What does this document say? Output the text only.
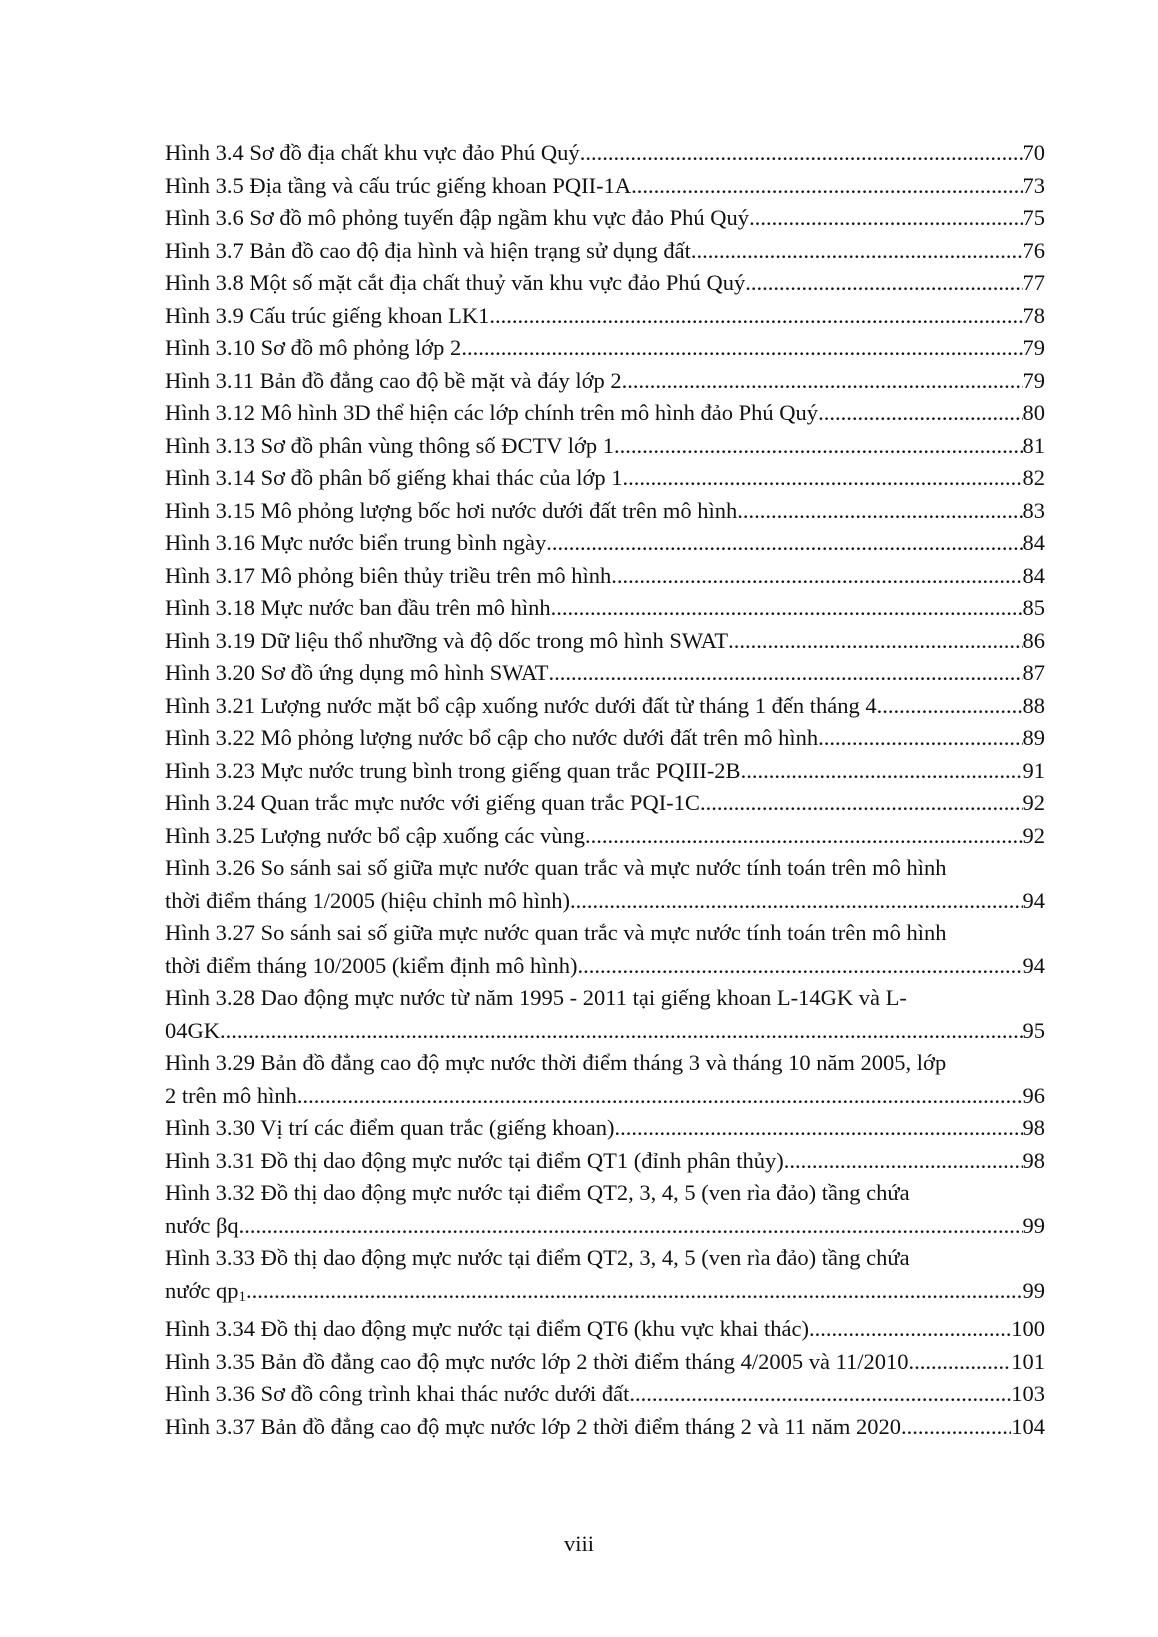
Hình 3.4 Sơ đồ địa chất khu vực đảo Phú Quý .....	70
Hình 3.5 Địa tầng và cấu trúc giếng khoan PQII-1A .....	73
Hình 3.6 Sơ đồ mô phỏng tuyến đập ngầm khu vực đảo Phú Quý .....	75
Hình 3.7 Bản đồ cao độ địa hình và hiện trạng sử dụng đất .....	76
Hình 3.8 Một số mặt cắt địa chất thuỷ văn khu vực đảo Phú Quý .....	77
Hình 3.9 Cấu trúc giếng khoan LK1 .....	78
Hình 3.10 Sơ đồ mô phỏng lớp 2 .....	79
Hình 3.11 Bản đồ đẳng cao độ bề mặt và đáy lớp 2 .....	79
Hình 3.12 Mô hình 3D thể hiện các lớp chính trên mô hình đảo Phú Quý .....	80
Hình 3.13 Sơ đồ phân vùng thông số ĐCTV lớp 1 .....	81
Hình 3.14 Sơ đồ phân bố giếng khai thác của lớp 1 .....	82
Hình 3.15 Mô phỏng lượng bốc hơi nước dưới đất trên mô hình .....	83
Hình 3.16 Mực nước biển trung bình ngày .....	84
Hình 3.17 Mô phỏng biên thủy triều trên mô hình .....	84
Hình 3.18 Mực nước ban đầu trên mô hình .....	85
Hình 3.19 Dữ liệu thổ nhưỡng và độ dốc trong mô hình SWAT .....	86
Hình 3.20 Sơ đồ ứng dụng mô hình SWAT .....	87
Hình 3.21 Lượng nước mặt bổ cập xuống nước dưới đất từ tháng 1 đến tháng 4 .....	88
Hình 3.22 Mô phỏng lượng nước bổ cập cho nước dưới đất trên mô hình .....	89
Hình 3.23 Mực nước trung bình trong giếng quan trắc PQIII-2B .....	91
Hình 3.24 Quan trắc mực nước với giếng quan trắc PQI-1C .....	92
Hình 3.25 Lượng nước bổ cập xuống các vùng .....	92
Hình 3.26 So sánh sai số giữa mực nước quan trắc và mực nước tính toán trên mô hình
thời điểm tháng 1/2005 (hiệu chỉnh mô hình) .....	94
Hình 3.27 So sánh sai số giữa mực nước quan trắc và mực nước tính toán trên mô hình
thời điểm tháng 10/2005 (kiểm định mô hình) .....	94
Hình 3.28 Dao động mực nước từ năm 1995 - 2011 tại giếng khoan L-14GK và L-
04GK .....	95
Hình 3.29 Bản đồ đẳng cao độ mực nước thời điểm tháng 3 và tháng 10 năm 2005, lớp
2 trên mô hình .....	96
Hình 3.30 Vị trí các điểm quan trắc (giếng khoan) .....	98
Hình 3.31 Đồ thị dao động mực nước tại điểm QT1 (đỉnh phân thủy) .....	98
Hình 3.32 Đồ thị dao động mực nước tại điểm QT2, 3, 4, 5 (ven rìa đảo) tầng chứa
nước βq .....	99
Hình 3.33 Đồ thị dao động mực nước tại điểm QT2, 3, 4, 5 (ven rìa đảo) tầng chứa
nước $qp_1$ .....	99
Hình 3.34 Đồ thị dao động mực nước tại điểm QT6 (khu vực khai thác) .....	100
Hình 3.35 Bản đồ đẳng cao độ mực nước lớp 2 thời điểm tháng 4/2005 và 11/2010. .....	101
Hình 3.36 Sơ đồ công trình khai thác nước dưới đất .....	103
Hình 3.37 Bản đồ đẳng cao độ mực nước lớp 2 thời điểm tháng 2 và 11 năm 2020 .....	104
viii
